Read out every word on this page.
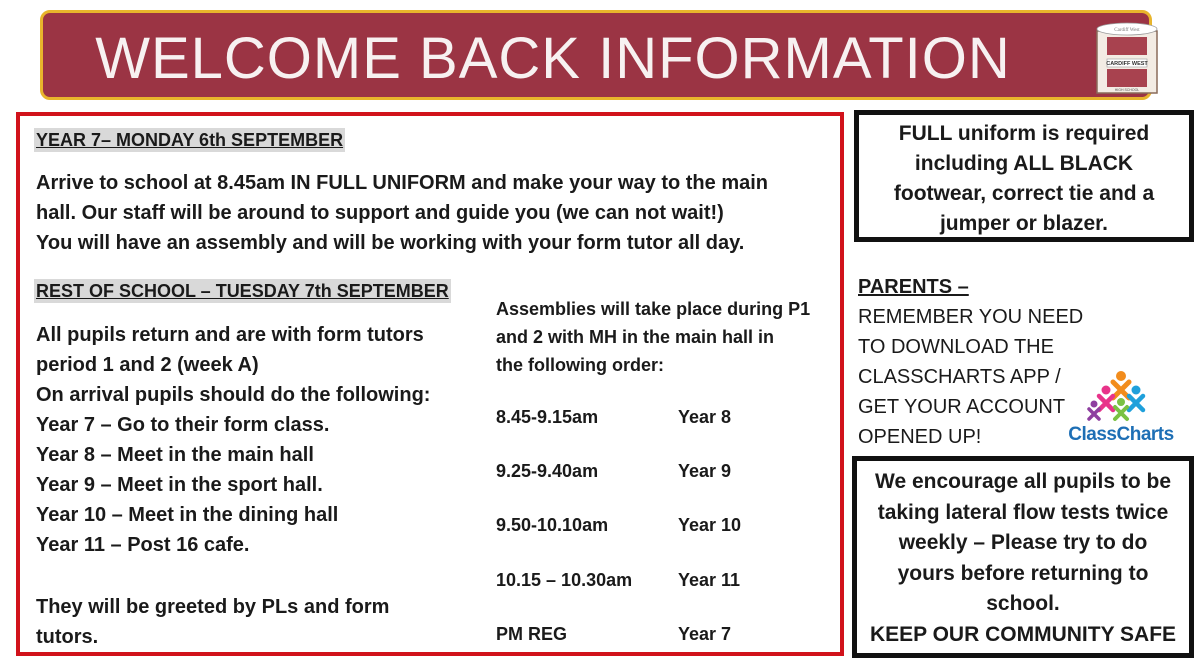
WELCOME BACK INFORMATION	Cardiff West
CARDIFF WEST
HIGH SCHOOL
YEAR 7– MONDAY 6th SEPTEMBER
Arrive to school at 8.45am IN FULL UNIFORM and make your way to the main
hall. Our staff will be around to support and guide you (we can not wait!)
You will have an assembly and will be working with your form tutor all day.
REST OF SCHOOL – TUESDAY 7th SEPTEMBER
All pupils return and are with form tutors
period 1 and 2 (week A)
On arrival pupils should do the following:
Year 7 – Go to their form class.
Year 8 – Meet in the main hall
Year 9 – Meet in the sport hall.
Year 10 – Meet in the dining hall
Year 11 – Post 16 cafe.
They will be greeted by PLs and form
tutors.
Assemblies will take place during P1
and 2 with MH in the main hall in
the following order:
8.45-9.15am	Year 8
9.25-9.40am	Year 9
9.50-10.10am	Year 10
10.15 – 10.30am	Year 11
PM REG	Year 7
FULL uniform is required
including ALL BLACK
footwear, correct tie and a
jumper or blazer.
PARENTS –
REMEMBER YOU NEED
TO DOWNLOAD THE
CLASSCHARTS APP /
GET YOUR ACCOUNT
OPENED UP!	ClassCharts
We encourage all pupils to be
taking lateral flow tests twice
weekly – Please try to do
yours before returning to
school.
KEEP OUR COMMUNITY SAFE
